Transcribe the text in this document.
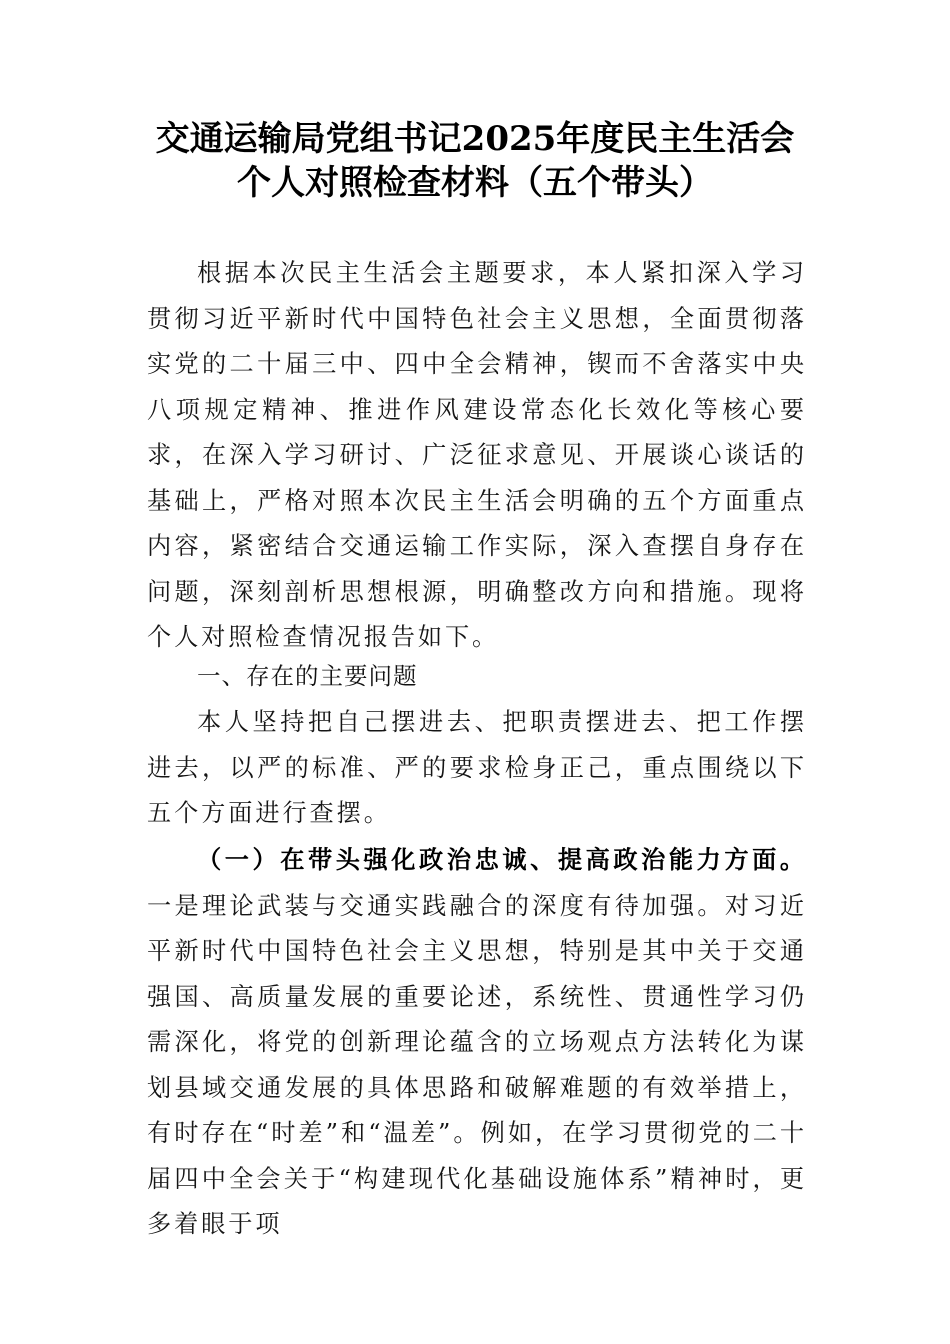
交通运输局党组书记2025年度民主生活会
个人对照检查材料（五个带头）

根据本次民主生活会主题要求，本人紧扣深入学习贯彻习近平新时代中国特色社会主义思想，全面贯彻落实党的二十届三中、四中全会精神，锲而不舍落实中央八项规定精神、推进作风建设常态化长效化等核心要求，在深入学习研讨、广泛征求意见、开展谈心谈话的基础上，严格对照本次民主生活会明确的五个方面重点内容，紧密结合交通运输工作实际，深入查摆自身存在问题，深刻剖析思想根源，明确整改方向和措施。现将个人对照检查情况报告如下。

一、存在的主要问题

本人坚持把自己摆进去、把职责摆进去、把工作摆进去，以严的标准、严的要求检身正己，重点围绕以下五个方面进行查摆。

（一）在带头强化政治忠诚、提高政治能力方面。一是理论武装与交通实践融合的深度有待加强。对习近平新时代中国特色社会主义思想，特别是其中关于交通强国、高质量发展的重要论述，系统性、贯通性学习仍需深化，将党的创新理论蕴含的立场观点方法转化为谋划县域交通发展的具体思路和破解难题的有效举措上，有时存在“时差”和“温差”。例如，在学习贯彻党的二十届四中全会关于“构建现代化基础设施体系”精神时，更多着眼于项
